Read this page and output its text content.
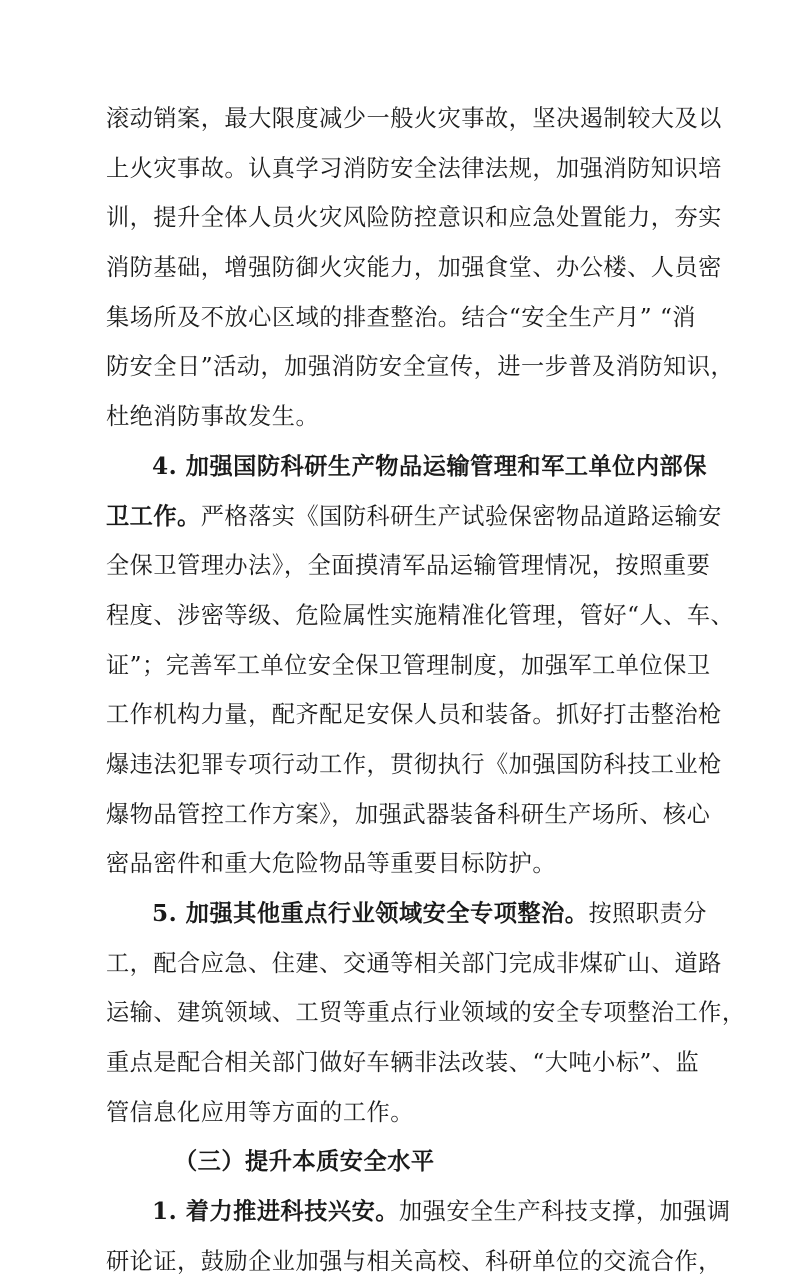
滚动销案，最大限度减少一般火灾事故，坚决遏制较大及以
上火灾事故。认真学习消防安全法律法规，加强消防知识培
训，提升全体人员火灾风险防控意识和应急处置能力，夯实
消防基础，增强防御火灾能力，加强食堂、办公楼、人员密
集场所及不放心区域的排查整治。结合“安全生产月” “消
防安全日”活动，加强消防安全宣传，进一步普及消防知识，
杜绝消防事故发生。
4. 加强国防科研生产物品运输管理和军工单位内部保
卫工作。严格落实《国防科研生产试验保密物品道路运输安
全保卫管理办法》，全面摸清军品运输管理情况，按照重要
程度、涉密等级、危险属性实施精准化管理，管好“人、车、
证”；完善军工单位安全保卫管理制度，加强军工单位保卫
工作机构力量，配齐配足安保人员和装备。抓好打击整治枪
爆违法犯罪专项行动工作，贯彻执行《加强国防科技工业枪
爆物品管控工作方案》，加强武器装备科研生产场所、核心
密品密件和重大危险物品等重要目标防护。
5. 加强其他重点行业领域安全专项整治。按照职责分
工，配合应急、住建、交通等相关部门完成非煤矿山、道路
运输、建筑领域、工贸等重点行业领域的安全专项整治工作，
重点是配合相关部门做好车辆非法改装、“大吨小标”、监
管信息化应用等方面的工作。
（三）提升本质安全水平
1. 着力推进科技兴安。加强安全生产科技支撑，加强调
研论证，鼓励企业加强与相关高校、科研单位的交流合作，
